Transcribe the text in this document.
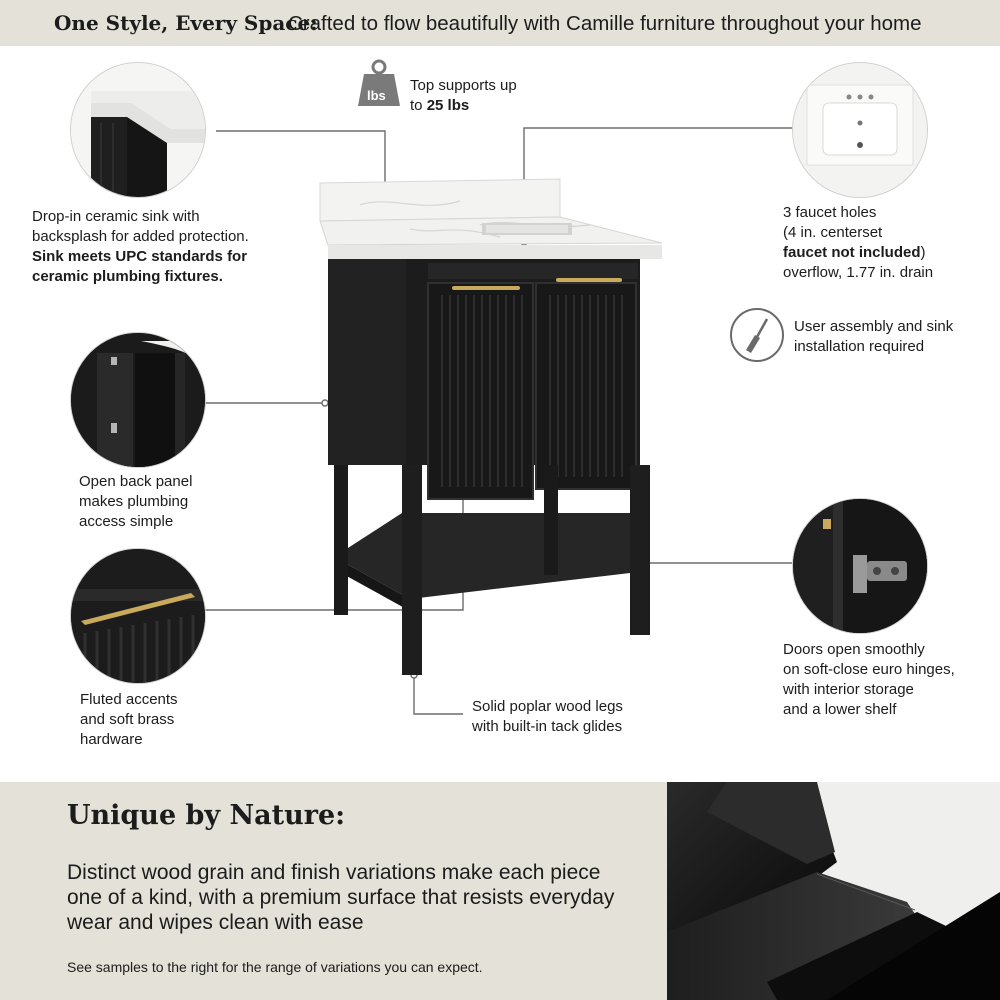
One Style, Every Space:
Crafted to flow beautifully with Camille furniture throughout your home
lbs
Top supports up
to 25 lbs
Drop-in ceramic sink with
backsplash for added protection.
Sink meets UPC standards for
ceramic plumbing fixtures.
3 faucet holes
(4 in. centerset
faucet not included)
overflow, 1.77 in. drain
User assembly and sink
installation required
Open back panel
makes plumbing
access simple
Fluted accents
and soft brass
hardware
Solid poplar wood legs
with built-in tack glides
Doors open smoothly
on soft-close euro hinges,
with interior storage
and a lower shelf
Unique by Nature:
Distinct wood grain and finish variations make each piece one of a kind, with a premium surface that resists everyday wear and wipes clean with ease
See samples to the right for the range of variations you can expect.
